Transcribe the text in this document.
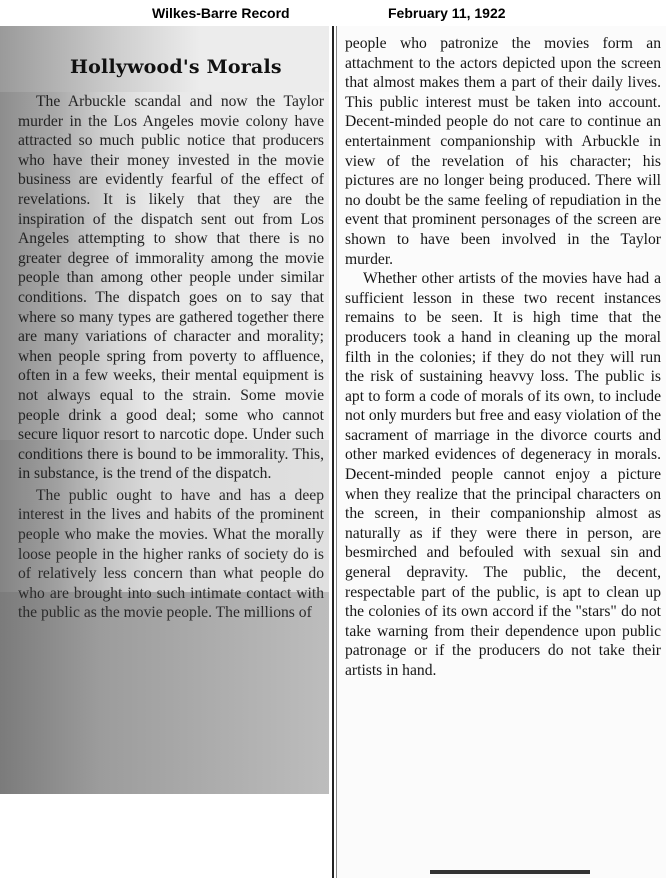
Wilkes-Barre Record	February 11, 1922
Hollywood's Morals

The Arbuckle scandal and now the Taylor murder in the Los Angeles movie colony have attracted so much public notice that producers who have their money invested in the movie business are evidently fearful of the effect of revelations. It is likely that they are the inspiration of the dispatch sent out from Los Angeles attempting to show that there is no greater degree of immorality among the movie people than among other people under similar conditions. The dispatch goes on to say that where so many types are gathered together there are many variations of character and morality; when people spring from poverty to affluence, often in a few weeks, their mental equipment is not always equal to the strain. Some movie people drink a good deal; some who cannot secure liquor resort to narcotic dope. Under such conditions there is bound to be immorality. This, in substance, is the trend of the dispatch.

The public ought to have and has a deep interest in the lives and habits of the prominent people who make the movies. What the morally loose people in the higher ranks of society do is of relatively less concern than what people do who are brought into such intimate contact with the public as the movie people. The millions of

people who patronize the movies form an attachment to the actors depicted upon the screen that almost makes them a part of their daily lives. This public interest must be taken into account. Decent-minded people do not care to continue an entertainment companionship with Arbuckle in view of the revelation of his character; his pictures are no longer being produced. There will no doubt be the same feeling of repudiation in the event that prominent personages of the screen are shown to have been involved in the Taylor murder.

Whether other artists of the movies have had a sufficient lesson in these two recent instances remains to be seen. It is high time that the producers took a hand in cleaning up the moral filth in the colonies; if they do not they will run the risk of sustaining heavvy loss. The public is apt to form a code of morals of its own, to include not only murders but free and easy violation of the sacrament of marriage in the divorce courts and other marked evidences of degeneracy in morals. Decent-minded people cannot enjoy a picture when they realize that the principal characters on the screen, in their companionship almost as naturally as if they were there in person, are besmirched and befouled with sexual sin and general depravity. The public, the decent, respectable part of the public, is apt to clean up the colonies of its own accord if the "stars" do not take warning from their dependence upon public patronage or if the producers do not take their artists in hand.
